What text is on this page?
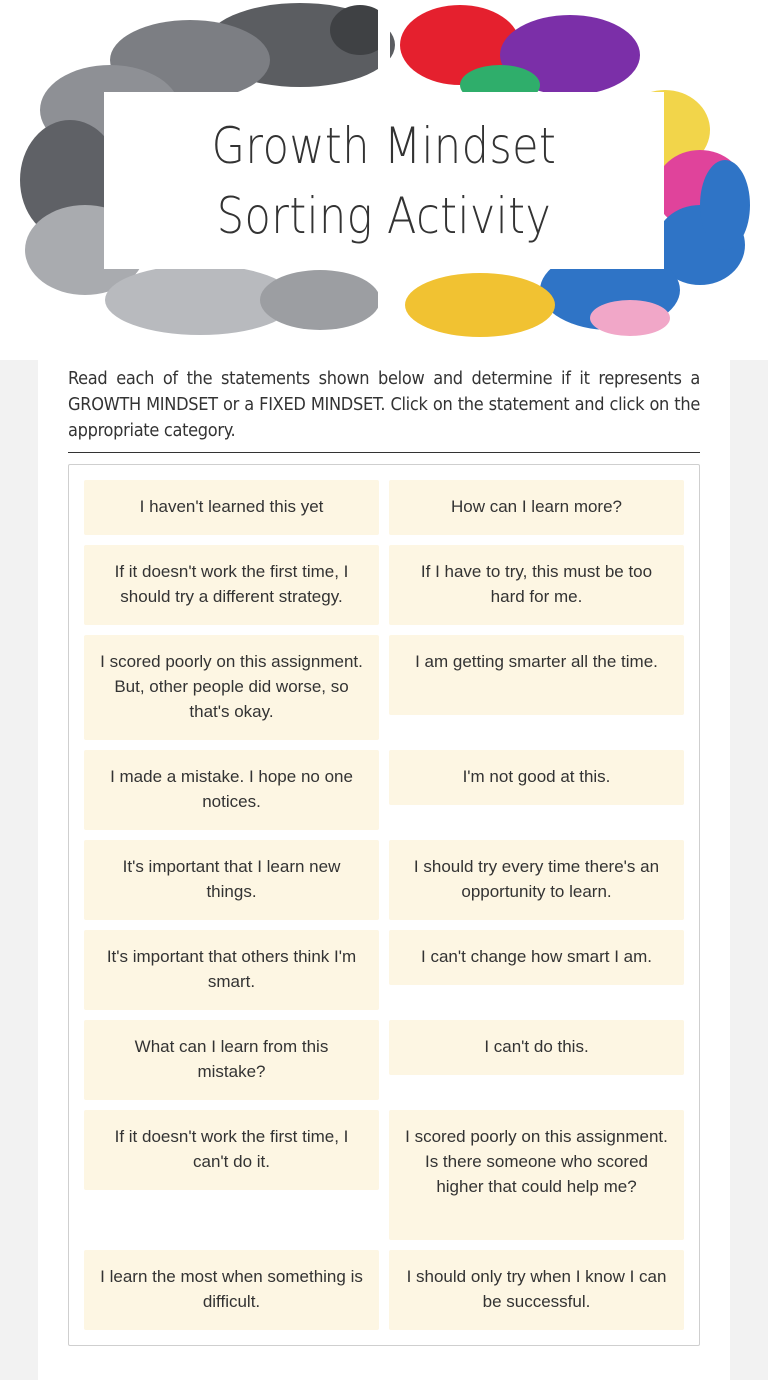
Growth Mindset Sorting Activity
Read each of the statements shown below and determine if it represents a GROWTH MINDSET or a FIXED MINDSET. Click on the statement and click on the appropriate category.
I haven't learned this yet	How can I learn more?
If it doesn't work the first time, I should try a different strategy.
If I have to try, this must be too hard for me.
I scored poorly on this assignment. But, other people did worse, so that's okay.
I am getting smarter all the time.
I made a mistake. I hope no one notices.
I'm not good at this.
It's important that I learn new things.
I should try every time there's an opportunity to learn.
It's important that others think I'm smart.
I can't change how smart I am.
What can I learn from this mistake?
I can't do this.
If it doesn't work the first time, I can't do it.
I scored poorly on this assignment. Is there someone who scored higher that could help me?
I learn the most when something is difficult.
I should only try when I know I can be successful.
